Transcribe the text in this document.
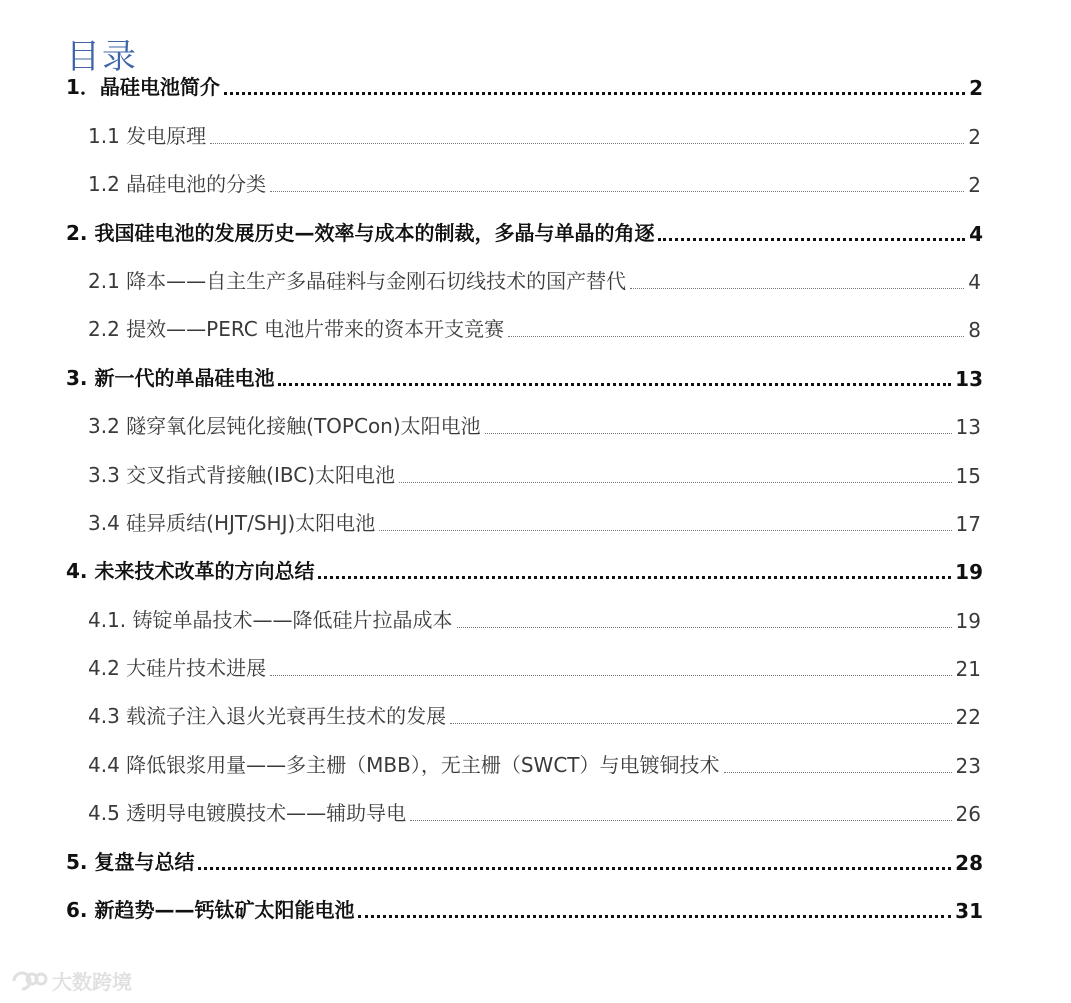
目录
1．晶硅电池简介	2
1.1 发电原理	2
1.2 晶硅电池的分类	2
2. 我国硅电池的发展历史—效率与成本的制裁，多晶与单晶的角逐	4
2.1 降本——自主生产多晶硅料与金刚石切线技术的国产替代	4
2.2 提效——PERC 电池片带来的资本开支竞赛	8
3. 新一代的单晶硅电池	13
3.2 隧穿氧化层钝化接触(TOPCon)太阳电池	13
3.3 交叉指式背接触(IBC)太阳电池	15
3.4 硅异质结(HJT/SHJ)太阳电池	17
4. 未来技术改革的方向总结	19
4.1. 铸锭单晶技术——降低硅片拉晶成本	19
4.2 大硅片技术进展	21
4.3 载流子注入退火光衰再生技术的发展	22
4.4 降低银浆用量——多主栅（MBB），无主栅（SWCT）与电镀铜技术	23
4.5 透明导电镀膜技术——辅助导电	26
5. 复盘与总结	28
6. 新趋势——钙钛矿太阳能电池	31
大数跨境
